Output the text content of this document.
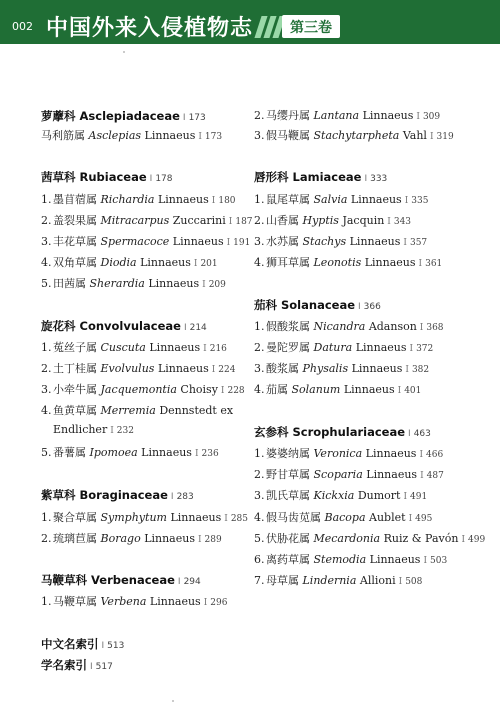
002 中国外来入侵植物志	第三卷
萝藦科 Asclepiadaceae I 173
马利筋属 Asclepias Linnaeus I 173
茜草科 Rubiaceae I 178
1. 墨苜蓿属 Richardia Linnaeus I 180
2. 盖裂果属 Mitracarpus Zuccarini I 187
3. 丰花草属 Spermacoce Linnaeus I 191
4. 双角草属 Diodia Linnaeus I 201
5. 田茜属 Sherardia Linnaeus I 209
旋花科 Convolvulaceae I 214
1. 菟丝子属 Cuscuta Linnaeus I 216
2. 土丁桂属 Evolvulus Linnaeus I 224
3. 小牵牛属 Jacquemontia Choisy I 228
4. 鱼黄草属 Merremia Dennstedt ex
Endlicher I 232
5. 番薯属 Ipomoea Linnaeus I 236
紫草科 Boraginaceae I 283
1. 聚合草属 Symphytum Linnaeus I 285
2. 琉璃苣属 Borago Linnaeus I 289
马鞭草科 Verbenaceae I 294
1. 马鞭草属 Verbena Linnaeus I 296
中文名索引 I 513
学名索引 I 517
2. 马缨丹属 Lantana Linnaeus I 309
3. 假马鞭属 Stachytarpheta Vahl I 319
唇形科 Lamiaceae I 333
1. 鼠尾草属 Salvia Linnaeus I 335
2. 山香属 Hyptis Jacquin I 343
3. 水苏属 Stachys Linnaeus I 357
4. 狮耳草属 Leonotis Linnaeus I 361
茄科 Solanaceae I 366
1. 假酸浆属 Nicandra Adanson I 368
2. 曼陀罗属 Datura Linnaeus I 372
3. 酸浆属 Physalis Linnaeus I 382
4. 茄属 Solanum Linnaeus I 401
玄参科 Scrophulariaceae I 463
1. 婆婆纳属 Veronica Linnaeus I 466
2. 野甘草属 Scoparia Linnaeus I 487
3. 凯氏草属 Kickxia Dumort I 491
4. 假马齿苋属 Bacopa Aublet I 495
5. 伏胁花属 Mecardonia Ruiz & Pavón I 499
6. 离药草属 Stemodia Linnaeus I 503
7. 母草属 Lindernia Allioni I 508
